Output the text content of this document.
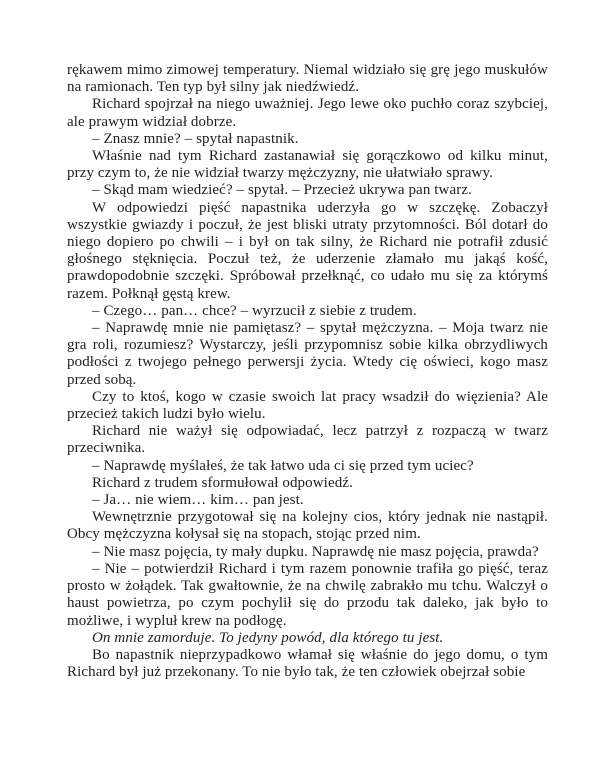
rękawem mimo zimowej temperatury. Niemal widziało się grę jego muskułów na ramionach. Ten typ był silny jak niedźwiedź.

Richard spojrzał na niego uważniej. Jego lewe oko puchło coraz szybciej, ale prawym widział dobrze.

– Znasz mnie? – spytał napastnik.

Właśnie nad tym Richard zastanawiał się gorączkowo od kilku minut, przy czym to, że nie widział twarzy mężczyzny, nie ułatwiało sprawy.

– Skąd mam wiedzieć? – spytał. – Przecież ukrywa pan twarz.

W odpowiedzi pięść napastnika uderzyła go w szczękę. Zobaczył wszystkie gwiazdy i poczuł, że jest bliski utraty przytomności. Ból dotarł do niego dopiero po chwili – i był on tak silny, że Richard nie potrafił zdusić głośnego stęknięcia. Poczuł też, że uderzenie złamało mu jakąś kość, prawdopodobnie szczęki. Spróbował przełknąć, co udało mu się za którymś razem. Połknął gęstą krew.

– Czego… pan… chce? – wyrzucił z siebie z trudem.

– Naprawdę mnie nie pamiętasz? – spytał mężczyzna. – Moja twarz nie gra roli, rozumiesz? Wystarczy, jeśli przypomnisz sobie kilka obrzydliwych podłości z twojego pełnego perwersji życia. Wtedy cię oświeci, kogo masz przed sobą.

Czy to ktoś, kogo w czasie swoich lat pracy wsadził do więzienia? Ale przecież takich ludzi było wielu.

Richard nie ważył się odpowiadać, lecz patrzył z rozpaczą w twarz przeciwnika.

– Naprawdę myślałeś, że tak łatwo uda ci się przed tym uciec?

Richard z trudem sformułował odpowiedź.

– Ja… nie wiem… kim… pan jest.

Wewnętrznie przygotował się na kolejny cios, który jednak nie nastąpił. Obcy mężczyzna kołysał się na stopach, stojąc przed nim.

– Nie masz pojęcia, ty mały dupku. Naprawdę nie masz pojęcia, prawda?

– Nie – potwierdził Richard i tym razem ponownie trafiła go pięść, teraz prosto w żołądek. Tak gwałtownie, że na chwilę zabrakło mu tchu. Walczył o haust powietrza, po czym pochylił się do przodu tak daleko, jak było to możliwe, i wypluł krew na podłogę.

On mnie zamorduje. To jedyny powód, dla którego tu jest.

Bo napastnik nieprzypadkowo włamał się właśnie do jego domu, o tym Richard był już przekonany. To nie było tak, że ten człowiek obejrzał sobie
